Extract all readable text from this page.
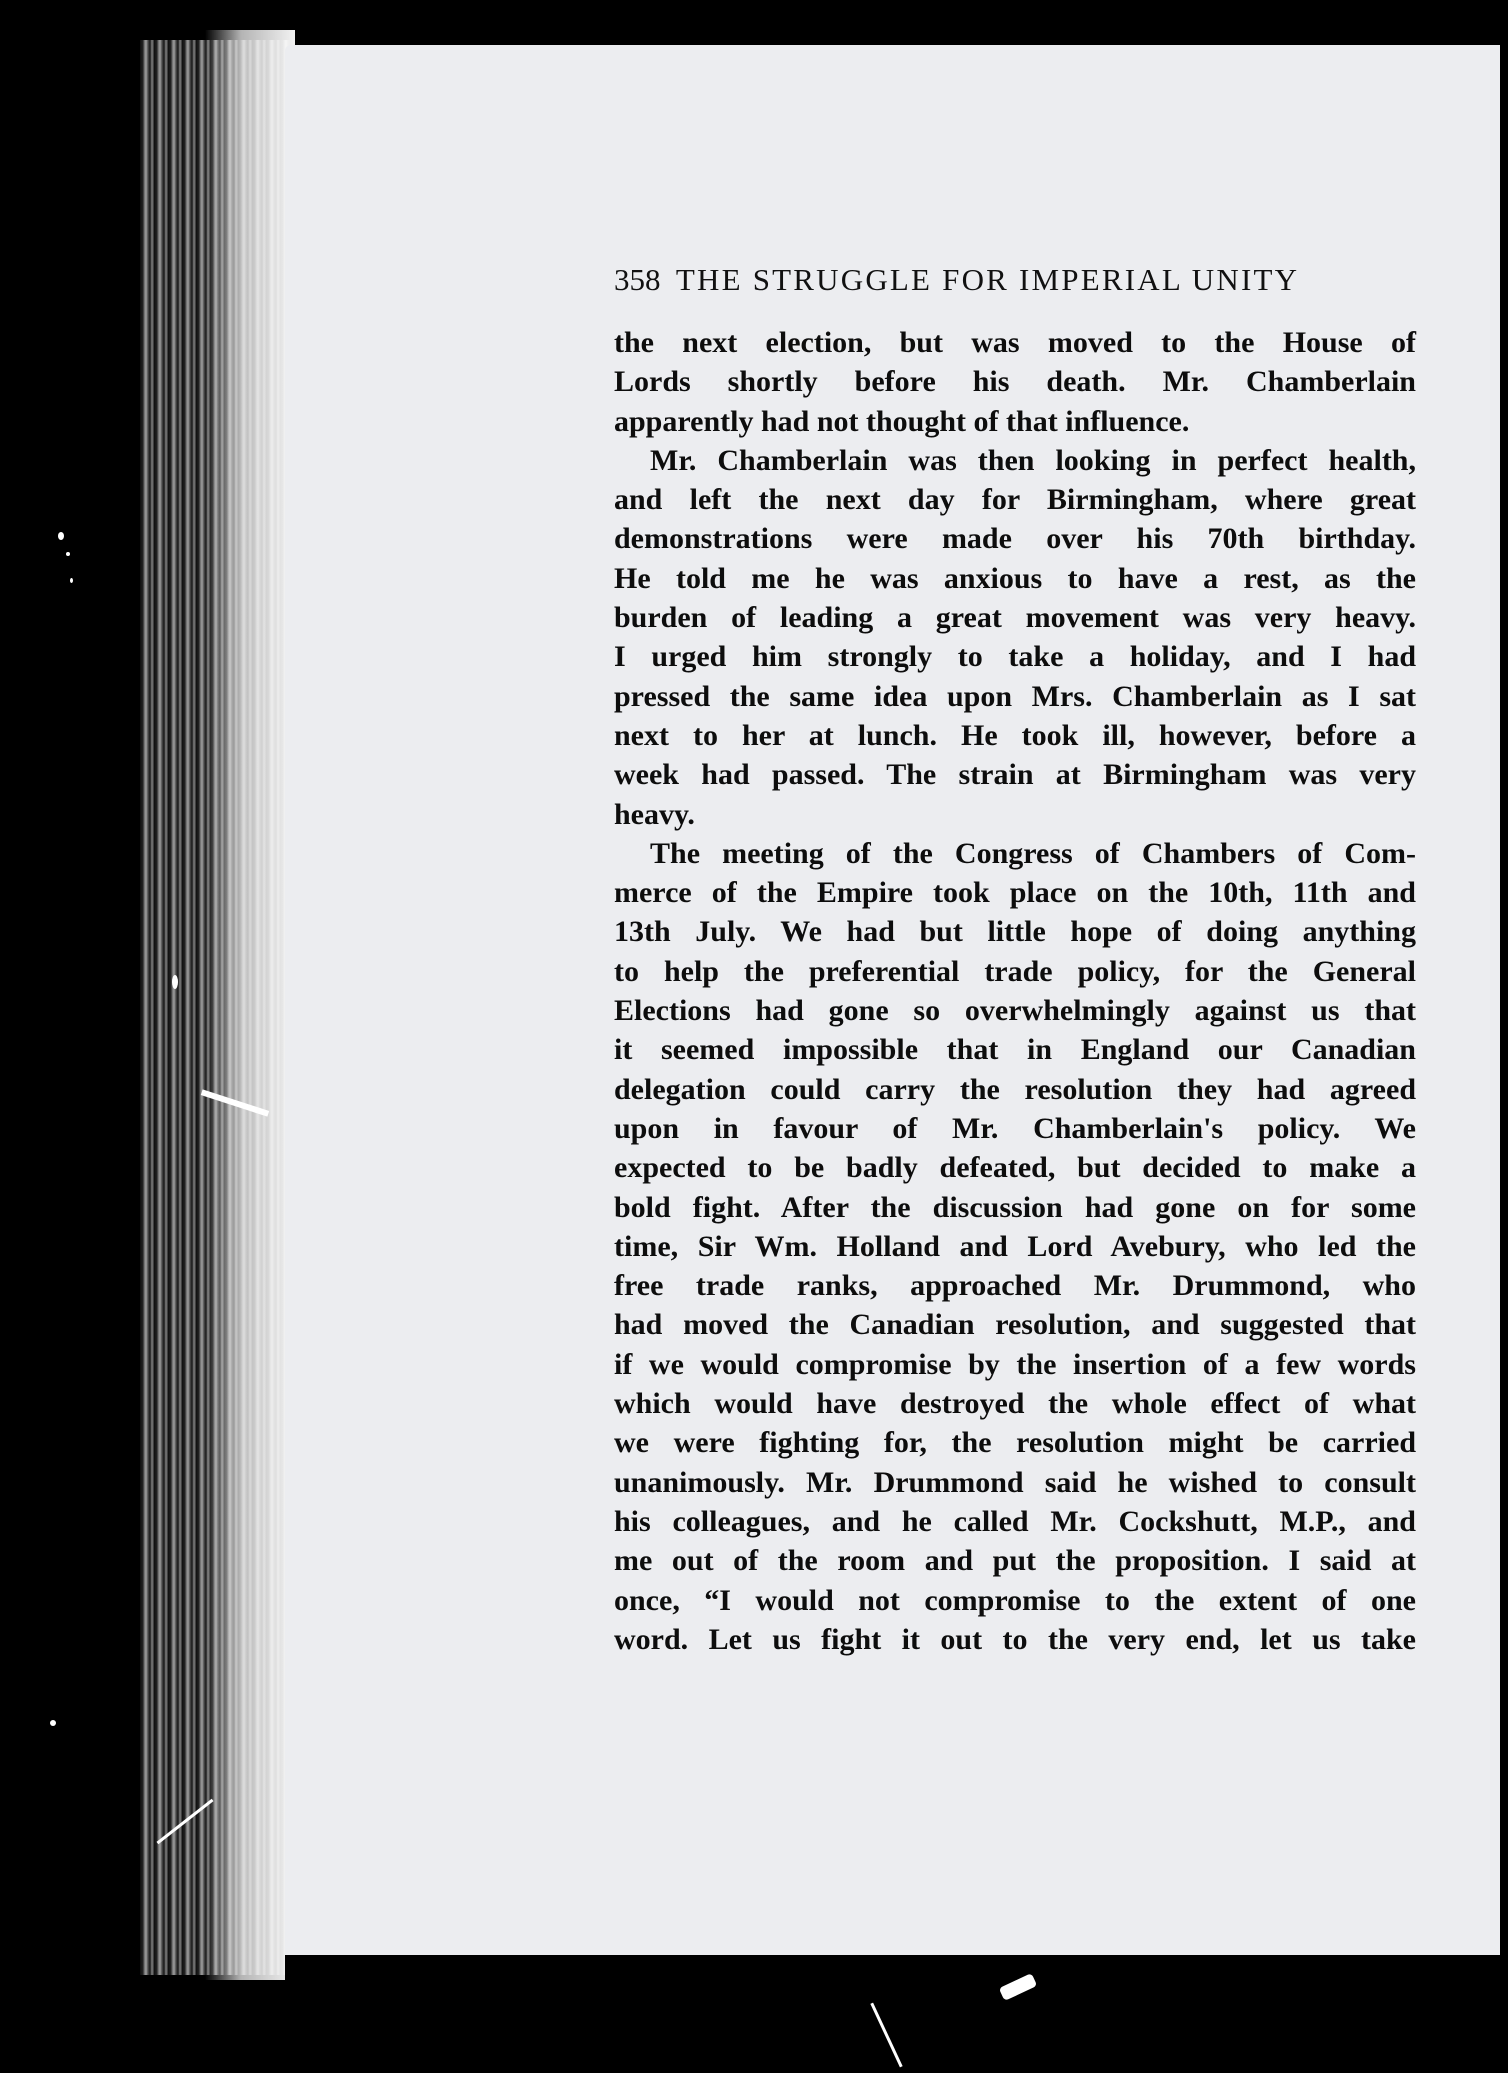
358 THE STRUGGLE FOR IMPERIAL UNITY
the next election, but was moved to the House of
Lords shortly before his death. Mr. Chamberlain
apparently had not thought of that influence.
Mr. Chamberlain was then looking in perfect health,
and left the next day for Birmingham, where great
demonstrations were made over his 70th birthday.
He told me he was anxious to have a rest, as the
burden of leading a great movement was very heavy.
I urged him strongly to take a holiday, and I had
pressed the same idea upon Mrs. Chamberlain as I sat
next to her at lunch. He took ill, however, before a
week had passed. The strain at Birmingham was very
heavy.
The meeting of the Congress of Chambers of Com-
merce of the Empire took place on the 10th, 11th and
13th July. We had but little hope of doing anything
to help the preferential trade policy, for the General
Elections had gone so overwhelmingly against us that
it seemed impossible that in England our Canadian
delegation could carry the resolution they had agreed
upon in favour of Mr. Chamberlain's policy. We
expected to be badly defeated, but decided to make a
bold fight. After the discussion had gone on for some
time, Sir Wm. Holland and Lord Avebury, who led the
free trade ranks, approached Mr. Drummond, who
had moved the Canadian resolution, and suggested that
if we would compromise by the insertion of a few words
which would have destroyed the whole effect of what
we were fighting for, the resolution might be carried
unanimously. Mr. Drummond said he wished to consult
his colleagues, and he called Mr. Cockshutt, M.P., and
me out of the room and put the proposition. I said at
once, “I would not compromise to the extent of one
word. Let us fight it out to the very end, let us take
